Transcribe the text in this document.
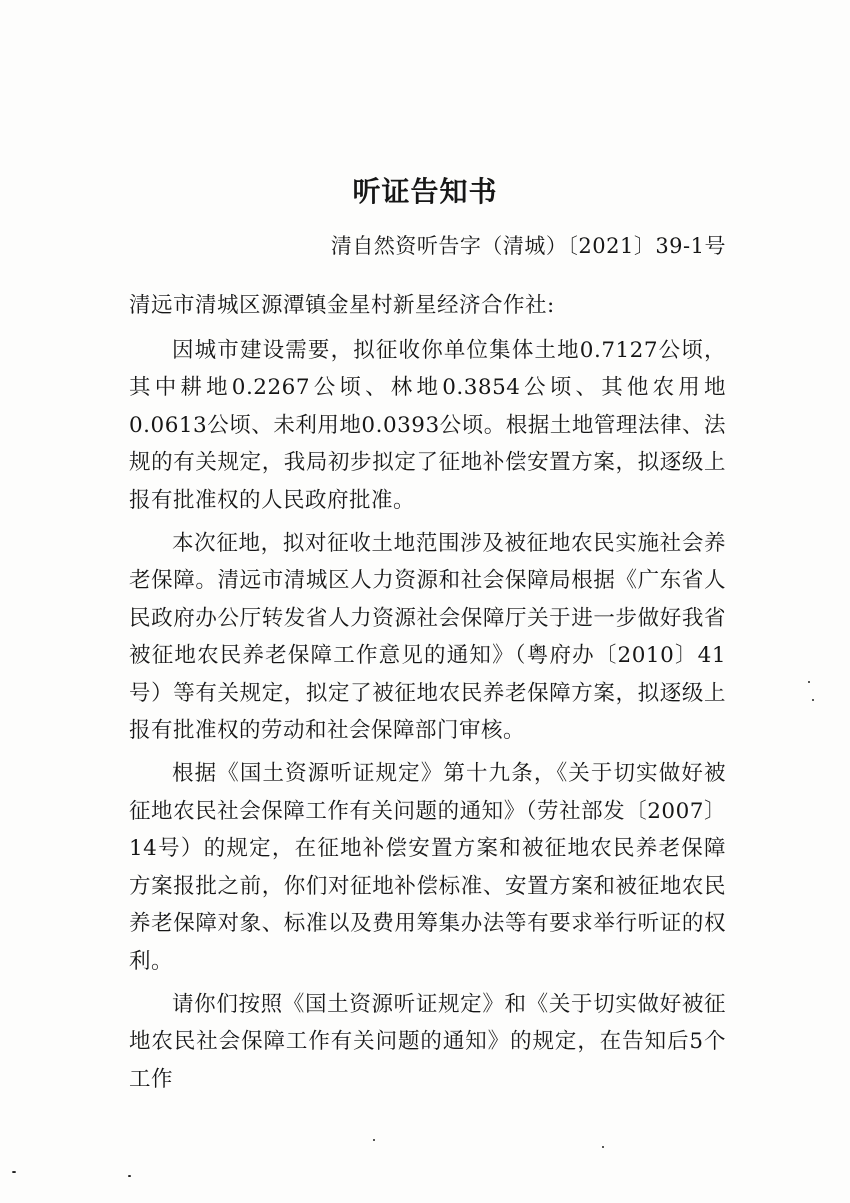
听证告知书
清自然资听告字（清城）〔2021〕39-1号
清远市清城区源潭镇金星村新星经济合作社:

因城市建设需要，拟征收你单位集体土地0.7127公顷，其中耕地0.2267公顷、林地0.3854公顷、其他农用地0.0613公顷、未利用地0.0393公顷。根据土地管理法律、法规的有关规定，我局初步拟定了征地补偿安置方案，拟逐级上报有批准权的人民政府批准。

本次征地，拟对征收土地范围涉及被征地农民实施社会养老保障。清远市清城区人力资源和社会保障局根据《广东省人民政府办公厅转发省人力资源社会保障厅关于进一步做好我省被征地农民养老保障工作意见的通知》（粤府办〔2010〕41号）等有关规定，拟定了被征地农民养老保障方案，拟逐级上报有批准权的劳动和社会保障部门审核。

根据《国土资源听证规定》第十九条，《关于切实做好被征地农民社会保障工作有关问题的通知》（劳社部发〔2007〕14号）的规定，在征地补偿安置方案和被征地农民养老保障方案报批之前，你们对征地补偿标准、安置方案和被征地农民养老保障对象、标准以及费用筹集办法等有要求举行听证的权利。

请你们按照《国土资源听证规定》和《关于切实做好被征地农民社会保障工作有关问题的通知》的规定，在告知后5个工作
